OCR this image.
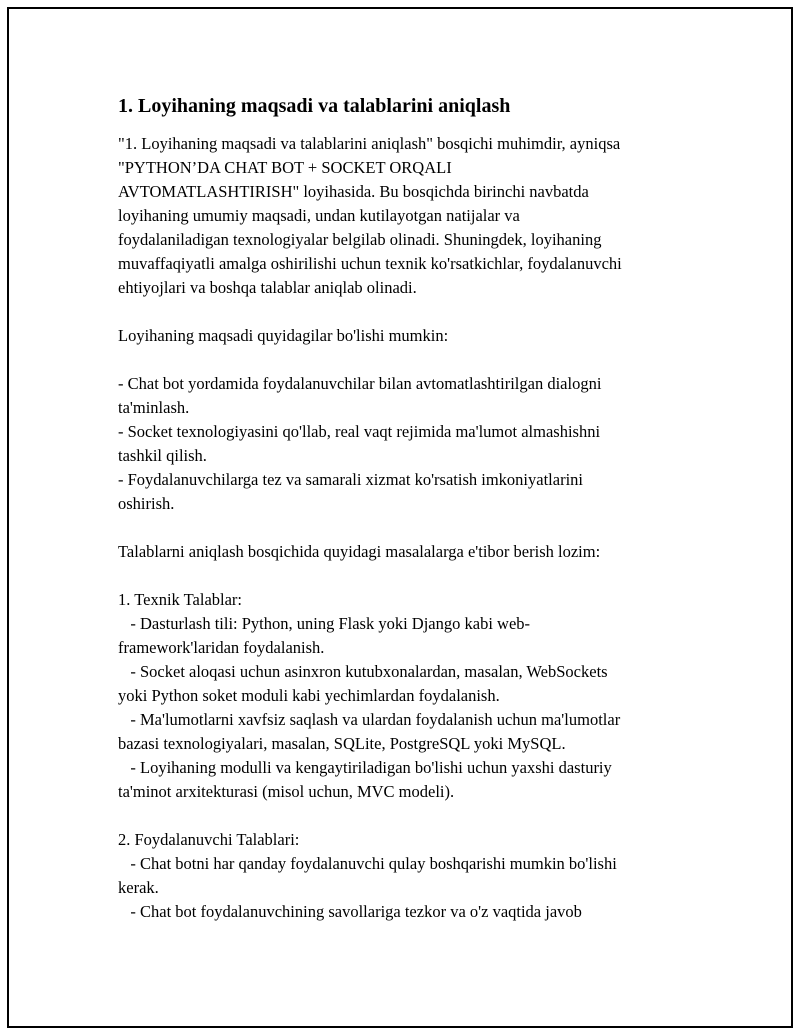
1. Loyihaning maqsadi va talablarini aniqlash
"1. Loyihaning maqsadi va talablarini aniqlash" bosqichi muhimdir, ayniqsa
"PYTHON’DA CHAT BOT + SOCKET ORQALI
AVTOMATLASHTIRISH" loyihasida. Bu bosqichda birinchi navbatda
loyihaning umumiy maqsadi, undan kutilayotgan natijalar va
foydalaniladigan texnologiyalar belgilab olinadi. Shuningdek, loyihaning
muvaffaqiyatli amalga oshirilishi uchun texnik ko'rsatkichlar, foydalanuvchi
ehtiyojlari va boshqa talablar aniqlab olinadi.
Loyihaning maqsadi quyidagilar bo'lishi mumkin:
- Chat bot yordamida foydalanuvchilar bilan avtomatlashtirilgan dialogni
ta'minlash.
- Socket texnologiyasini qo'llab, real vaqt rejimida ma'lumot almashishni
tashkil qilish.
- Foydalanuvchilarga tez va samarali xizmat ko'rsatish imkoniyatlarini
oshirish.
Talablarni aniqlash bosqichida quyidagi masalalarga e'tibor berish lozim:
1. Texnik Talablar:
- Dasturlash tili: Python, uning Flask yoki Django kabi web-
framework'laridan foydalanish.
- Socket aloqasi uchun asinxron kutubxonalardan, masalan, WebSockets
yoki Python soket moduli kabi yechimlardan foydalanish.
- Ma'lumotlarni xavfsiz saqlash va ulardan foydalanish uchun ma'lumotlar
bazasi texnologiyalari, masalan, SQLite, PostgreSQL yoki MySQL.
- Loyihaning modulli va kengaytiriladigan bo'lishi uchun yaxshi dasturiy
ta'minot arxitekturasi (misol uchun, MVC modeli).
2. Foydalanuvchi Talablari:
- Chat botni har qanday foydalanuvchi qulay boshqarishi mumkin bo'lishi
kerak.
- Chat bot foydalanuvchining savollariga tezkor va o'z vaqtida javob
